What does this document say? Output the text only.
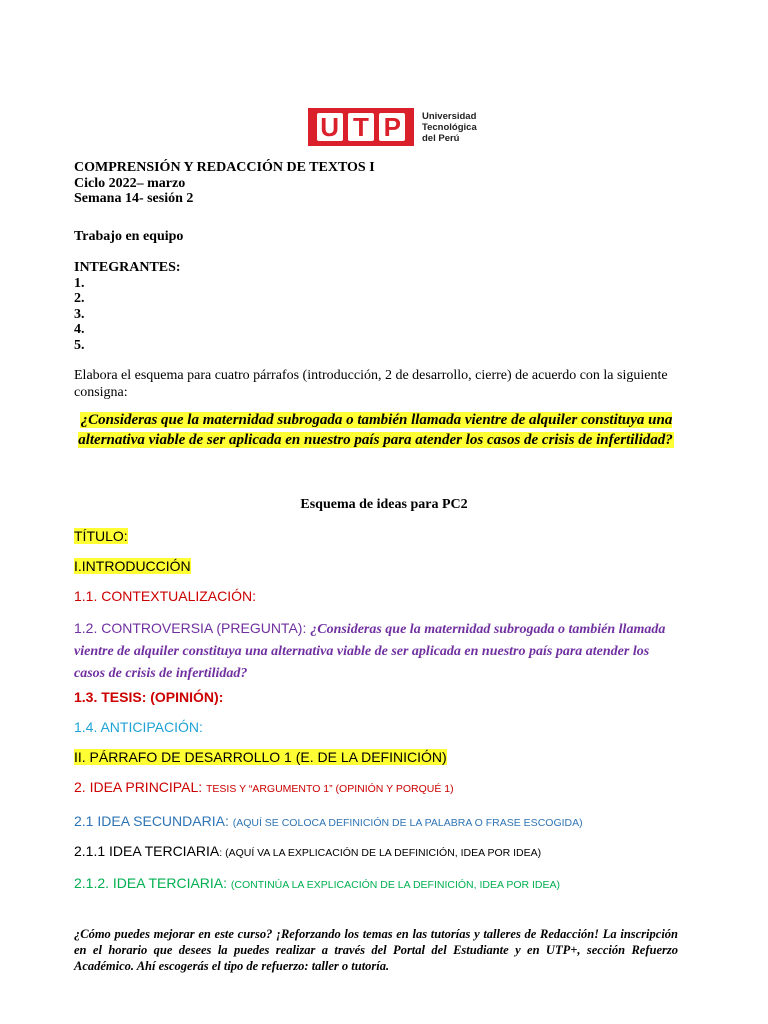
U T P	Universidad
Tecnológica
del Perú
COMPRENSIÓN Y REDACCIÓN DE TEXTOS I
Ciclo 2022– marzo
Semana 14- sesión 2
Trabajo en equipo
INTEGRANTES:
1.
2.
3.
4.
5.
Elabora el esquema para cuatro párrafos (introducción, 2 de desarrollo, cierre) de acuerdo con la siguiente consigna:
¿Consideras que la maternidad subrogada o también llamada vientre de alquiler constituya una alternativa viable de ser aplicada en nuestro país para atender los casos de crisis de infertilidad?
Esquema de ideas para PC2
TÍTULO:
I.INTRODUCCIÓN
1.1. CONTEXTUALIZACIÓN:
1.2. CONTROVERSIA (PREGUNTA): ¿Consideras que la maternidad subrogada o también llamada vientre de alquiler constituya una alternativa viable de ser aplicada en nuestro país para atender los casos de crisis de infertilidad?
1.3. TESIS: (OPINIÓN):
1.4. ANTICIPACIÓN:
II. PÁRRAFO DE DESARROLLO 1 (E. DE LA DEFINICIÓN)
2. IDEA PRINCIPAL: TESIS Y “ARGUMENTO 1” (OPINIÓN Y PORQUÉ 1)
2.1 IDEA SECUNDARIA: (AQUÍ SE COLOCA DEFINICIÓN DE LA PALABRA O FRASE ESCOGIDA)
2.1.1 IDEA TERCIARIA: (AQUÍ VA LA EXPLICACIÓN DE LA DEFINICIÓN, IDEA POR IDEA)
2.1.2. IDEA TERCIARIA: (CONTINÚA LA EXPLICACIÓN DE LA DEFINICIÓN, IDEA POR IDEA)
¿Cómo puedes mejorar en este curso? ¡Reforzando los temas en las tutorías y talleres de Redacción! La inscripción en el horario que desees la puedes realizar a través del Portal del Estudiante y en UTP+, sección Refuerzo Académico. Ahí escogerás el tipo de refuerzo: taller o tutoría.
